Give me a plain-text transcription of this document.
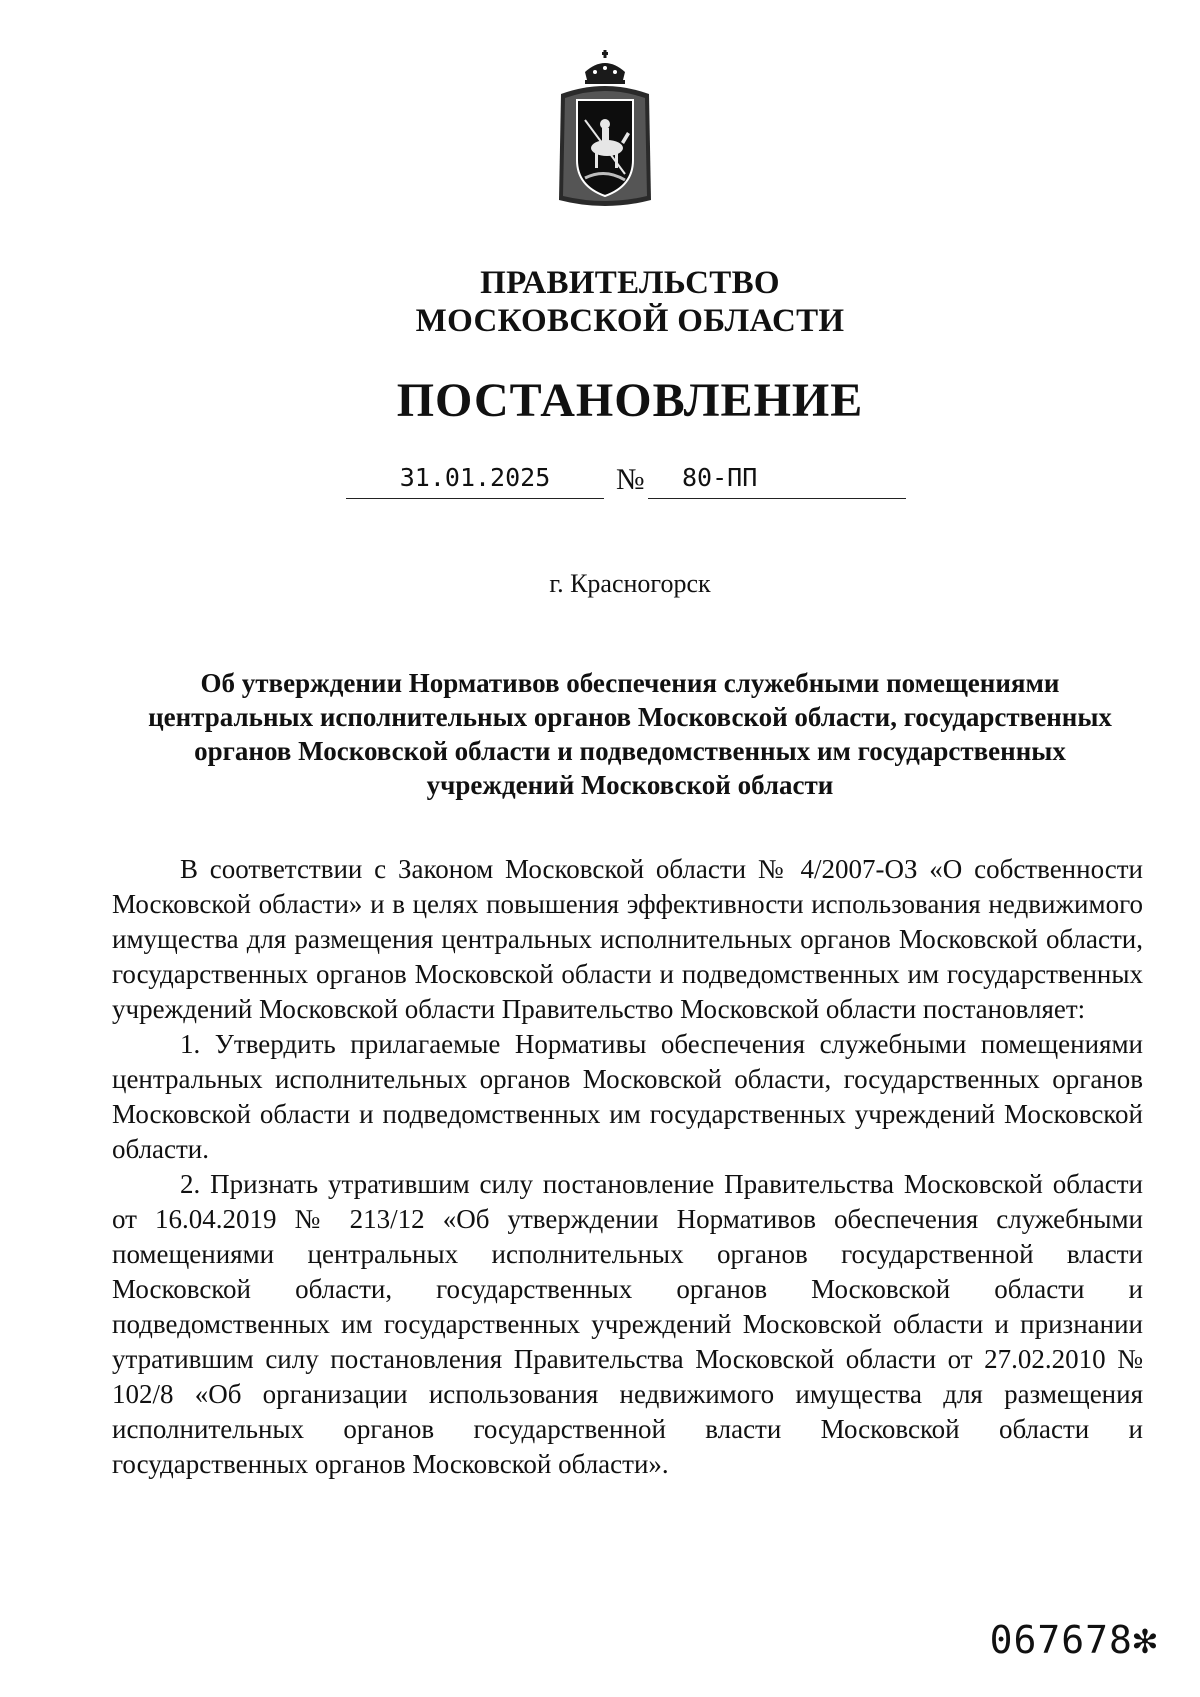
ПРАВИТЕЛЬСТВО
МОСКОВСКОЙ ОБЛАСТИ
ПОСТАНОВЛЕНИЕ
31.01.2025	№	80-ПП
г. Красногорск
Об утверждении Нормативов обеспечения служебными помещениями
центральных исполнительных органов Московской области, государственных
органов Московской области и подведомственных им государственных
учреждений Московской области

В соответствии с Законом Московской области № 4/2007-ОЗ «О собственности Московской области» и в целях повышения эффективности использования недвижимого имущества для размещения центральных исполнительных органов Московской области, государственных органов Московской области и подведомственных им государственных учреждений Московской области Правительство Московской области постановляет:

1. Утвердить прилагаемые Нормативы обеспечения служебными помещениями центральных исполнительных органов Московской области, государственных органов Московской области и подведомственных им государственных учреждений Московской области.

2. Признать утратившим силу постановление Правительства Московской области от 16.04.2019 № 213/12 «Об утверждении Нормативов обеспечения служебными помещениями центральных исполнительных органов государственной власти Московской области, государственных органов Московской области и подведомственных им государственных учреждений Московской области и признании утратившим силу постановления Правительства Московской области от 27.02.2010 № 102/8 «Об организации использования недвижимого имущества для размещения исполнительных органов государственной власти Московской области и государственных органов Московской области».

067678✻
